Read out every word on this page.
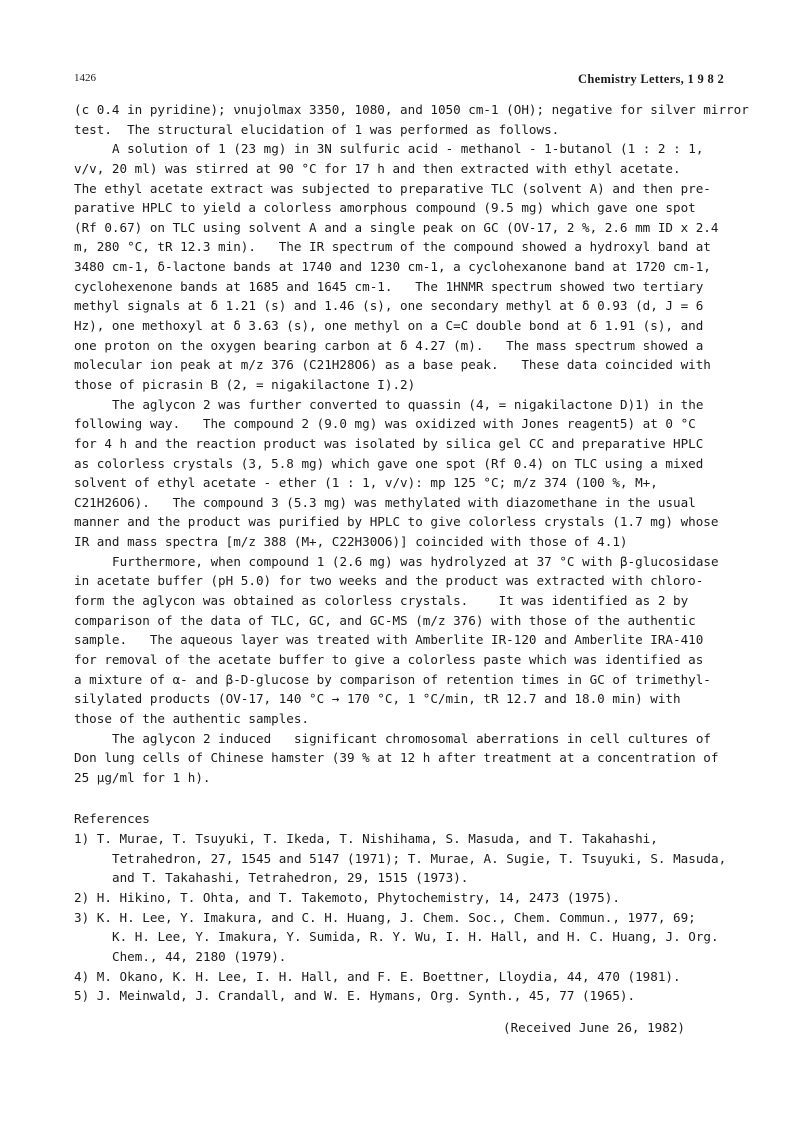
1426	Chemistry Letters, 1 9 8 2
(c 0.4 in pyridine); νnujolmax 3350, 1080, and 1050 cm-1 (OH); negative for silver mirror
test.  The structural elucidation of 1 was performed as follows.
A solution of 1 (23 mg) in 3N sulfuric acid - methanol - 1-butanol (1 : 2 : 1,
v/v, 20 ml) was stirred at 90 °C for 17 h and then extracted with ethyl acetate.
The ethyl acetate extract was subjected to preparative TLC (solvent A) and then pre-
parative HPLC to yield a colorless amorphous compound (9.5 mg) which gave one spot
(Rf 0.67) on TLC using solvent A and a single peak on GC (OV-17, 2 %, 2.6 mm ID x 2.4
m, 280 °C, tR 12.3 min).   The IR spectrum of the compound showed a hydroxyl band at
3480 cm-1, δ-lactone bands at 1740 and 1230 cm-1, a cyclohexanone band at 1720 cm-1,
cyclohexenone bands at 1685 and 1645 cm-1.   The 1HNMR spectrum showed two tertiary
methyl signals at δ 1.21 (s) and 1.46 (s), one secondary methyl at δ 0.93 (d, J = 6
Hz), one methoxyl at δ 3.63 (s), one methyl on a C=C double bond at δ 1.91 (s), and
one proton on the oxygen bearing carbon at δ 4.27 (m).   The mass spectrum showed a
molecular ion peak at m/z 376 (C21H28O6) as a base peak.   These data coincided with
those of picrasin B (2, = nigakilactone I).2)
The aglycon 2 was further converted to quassin (4, = nigakilactone D)1) in the
following way.   The compound 2 (9.0 mg) was oxidized with Jones reagent5) at 0 °C
for 4 h and the reaction product was isolated by silica gel CC and preparative HPLC
as colorless crystals (3, 5.8 mg) which gave one spot (Rf 0.4) on TLC using a mixed
solvent of ethyl acetate - ether (1 : 1, v/v): mp 125 °C; m/z 374 (100 %, M+,
C21H26O6).   The compound 3 (5.3 mg) was methylated with diazomethane in the usual
manner and the product was purified by HPLC to give colorless crystals (1.7 mg) whose
IR and mass spectra [m/z 388 (M+, C22H30O6)] coincided with those of 4.1)
Furthermore, when compound 1 (2.6 mg) was hydrolyzed at 37 °C with β-glucosidase
in acetate buffer (pH 5.0) for two weeks and the product was extracted with chloro-
form the aglycon was obtained as colorless crystals.    It was identified as 2 by
comparison of the data of TLC, GC, and GC-MS (m/z 376) with those of the authentic
sample.   The aqueous layer was treated with Amberlite IR-120 and Amberlite IRA-410
for removal of the acetate buffer to give a colorless paste which was identified as
a mixture of α- and β-D-glucose by comparison of retention times in GC of trimethyl-
silylated products (OV-17, 140 °C → 170 °C, 1 °C/min, tR 12.7 and 18.0 min) with
those of the authentic samples.
The aglycon 2 induced   significant chromosomal aberrations in cell cultures of
Don lung cells of Chinese hamster (39 % at 12 h after treatment at a concentration of
25 μg/ml for 1 h).
References
1) T. Murae, T. Tsuyuki, T. Ikeda, T. Nishihama, S. Masuda, and T. Takahashi,
Tetrahedron, 27, 1545 and 5147 (1971); T. Murae, A. Sugie, T. Tsuyuki, S. Masuda,
and T. Takahashi, Tetrahedron, 29, 1515 (1973).
2) H. Hikino, T. Ohta, and T. Takemoto, Phytochemistry, 14, 2473 (1975).
3) K. H. Lee, Y. Imakura, and C. H. Huang, J. Chem. Soc., Chem. Commun., 1977, 69;
K. H. Lee, Y. Imakura, Y. Sumida, R. Y. Wu, I. H. Hall, and H. C. Huang, J. Org.
Chem., 44, 2180 (1979).
4) M. Okano, K. H. Lee, I. H. Hall, and F. E. Boettner, Lloydia, 44, 470 (1981).
5) J. Meinwald, J. Crandall, and W. E. Hymans, Org. Synth., 45, 77 (1965).
(Received June 26, 1982)
